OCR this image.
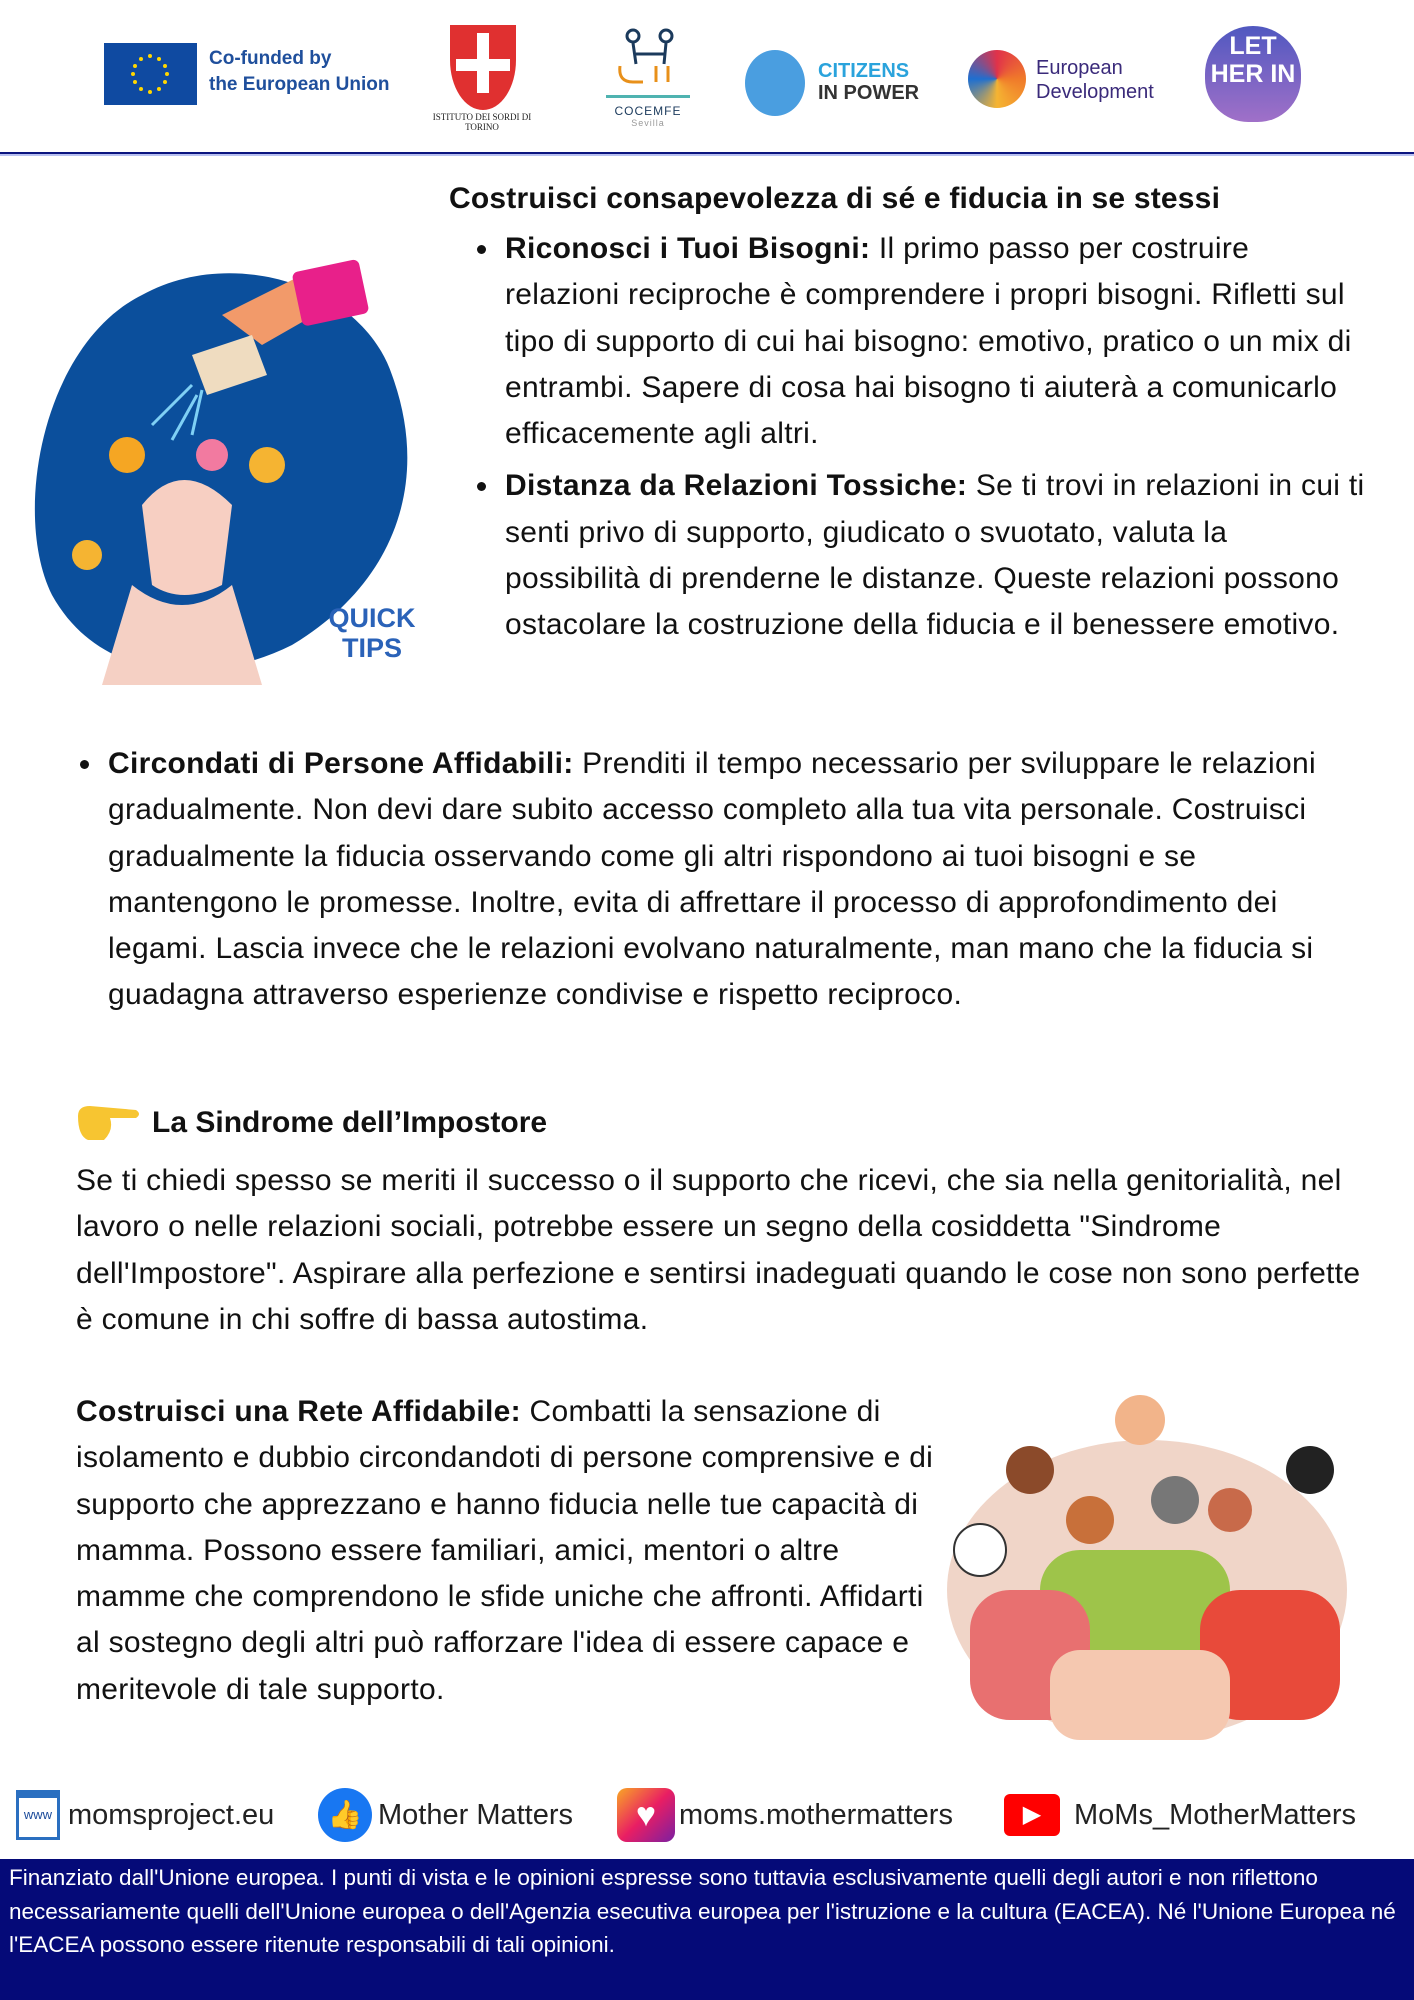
Co-funded by
the European Union
ISTITUTO DEI SORDI DI TORINO
COCEMFE
Sevilla
CITIZENS
IN POWER
European
Development
LET HER IN
QUICK TIPS
Costruisci consapevolezza di sé e fiducia in se stessi
Riconosci i Tuoi Bisogni: Il primo passo per costruire relazioni reciproche è comprendere i propri bisogni. Rifletti sul tipo di supporto di cui hai bisogno: emotivo, pratico o un mix di entrambi. Sapere di cosa hai bisogno ti aiuterà a comunicarlo efficacemente agli altri.
Distanza da Relazioni Tossiche: Se ti trovi in relazioni in cui ti senti privo di supporto, giudicato o svuotato, valuta la possibilità di prenderne le distanze. Queste relazioni possono ostacolare la costruzione della fiducia e il benessere emotivo.
Circondati di Persone Affidabili: Prenditi il tempo necessario per sviluppare le relazioni gradualmente. Non devi dare subito accesso completo alla tua vita personale. Costruisci gradualmente la fiducia osservando come gli altri rispondono ai tuoi bisogni e se mantengono le promesse. Inoltre, evita di affrettare il processo di approfondimento dei legami. Lascia invece che le relazioni evolvano naturalmente, man mano che la fiducia si guadagna attraverso esperienze condivise e rispetto reciproco.
La Sindrome dell’Impostore
Se ti chiedi spesso se meriti il successo o il supporto che ricevi, che sia nella genitorialità, nel lavoro o nelle relazioni sociali, potrebbe essere un segno della cosiddetta "Sindrome dell'Impostore". Aspirare alla perfezione e sentirsi inadeguati quando le cose non sono perfette è comune in chi soffre di bassa autostima.
Costruisci una Rete Affidabile: Combatti la sensazione di isolamento e dubbio circondandoti di persone comprensive e di supporto che apprezzano e hanno fiducia nelle tue capacità di mamma. Possono essere familiari, amici, mentori o altre mamme che comprendono le sfide uniche che affronti. Affidarti al sostegno degli altri può rafforzare l'idea di essere capace e meritevole di tale supporto.
www momsproject.eu	👍 Mother Matters	♥ moms.mothermatters	▶	MoMs_MotherMatters
Finanziato dall'Unione europea. I punti di vista e le opinioni espresse sono tuttavia esclusivamente quelli degli autori e non riflettono necessariamente quelli dell'Unione europea o dell'Agenzia esecutiva europea per l'istruzione e la cultura (EACEA). Né l'Unione Europea né l'EACEA possono essere ritenute responsabili di tali opinioni.
